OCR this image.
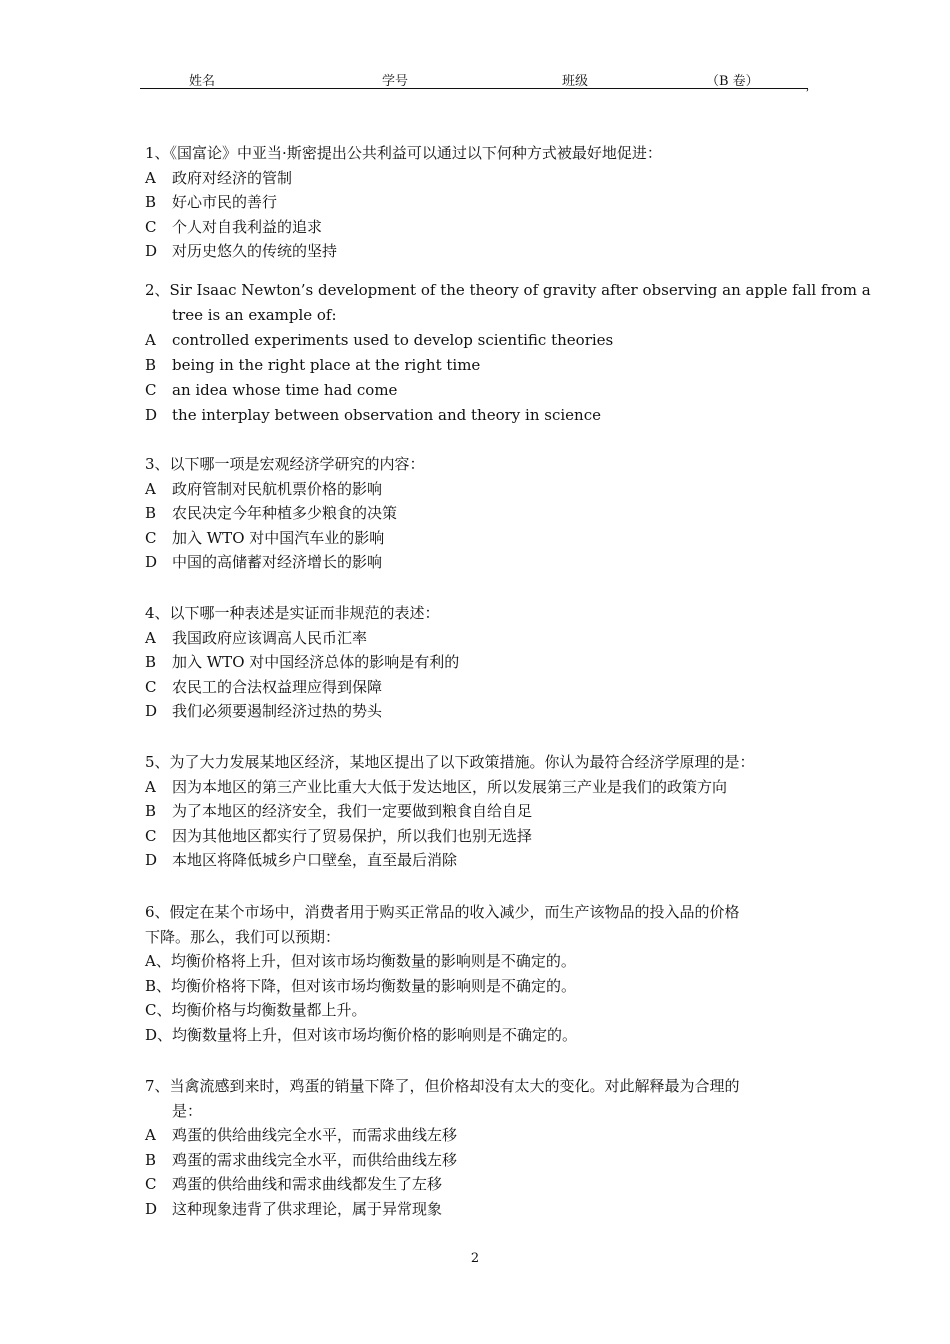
姓名	学号	班级	（B 卷）	,
1、《国富论》中亚当·斯密提出公共利益可以通过以下何种方式被最好地促进：
A 政府对经济的管制
B 好心市民的善行
C 个人对自我利益的追求
D 对历史悠久的传统的坚持
2、Sir Isaac Newton’s development of the theory of gravity after observing an apple fall from a
tree is an example of:
A controlled experiments used to develop scientific theories
B being in the right place at the right time
C an idea whose time had come
D the interplay between observation and theory in science
3、以下哪一项是宏观经济学研究的内容：
A 政府管制对民航机票价格的影响
B 农民决定今年种植多少粮食的决策
C 加入 WTO 对中国汽车业的影响
D 中国的高储蓄对经济增长的影响
4、以下哪一种表述是实证而非规范的表述：
A 我国政府应该调高人民币汇率
B 加入 WTO 对中国经济总体的影响是有利的
C 农民工的合法权益理应得到保障
D 我们必须要遏制经济过热的势头
5、为了大力发展某地区经济，某地区提出了以下政策措施。你认为最符合经济学原理的是：
A 因为本地区的第三产业比重大大低于发达地区，所以发展第三产业是我们的政策方向
B 为了本地区的经济安全，我们一定要做到粮食自给自足
C 因为其他地区都实行了贸易保护，所以我们也别无选择
D 本地区将降低城乡户口壁垒，直至最后消除
6、假定在某个市场中，消费者用于购买正常品的收入减少，而生产该物品的投入品的价格
下降。那么，我们可以预期：
A、均衡价格将上升，但对该市场均衡数量的影响则是不确定的。
B、均衡价格将下降，但对该市场均衡数量的影响则是不确定的。
C、均衡价格与均衡数量都上升。
D、均衡数量将上升，但对该市场均衡价格的影响则是不确定的。
7、当禽流感到来时，鸡蛋的销量下降了，但价格却没有太大的变化。对此解释最为合理的
是：
A 鸡蛋的供给曲线完全水平，而需求曲线左移
B 鸡蛋的需求曲线完全水平，而供给曲线左移
C 鸡蛋的供给曲线和需求曲线都发生了左移
D 这种现象违背了供求理论，属于异常现象
2
